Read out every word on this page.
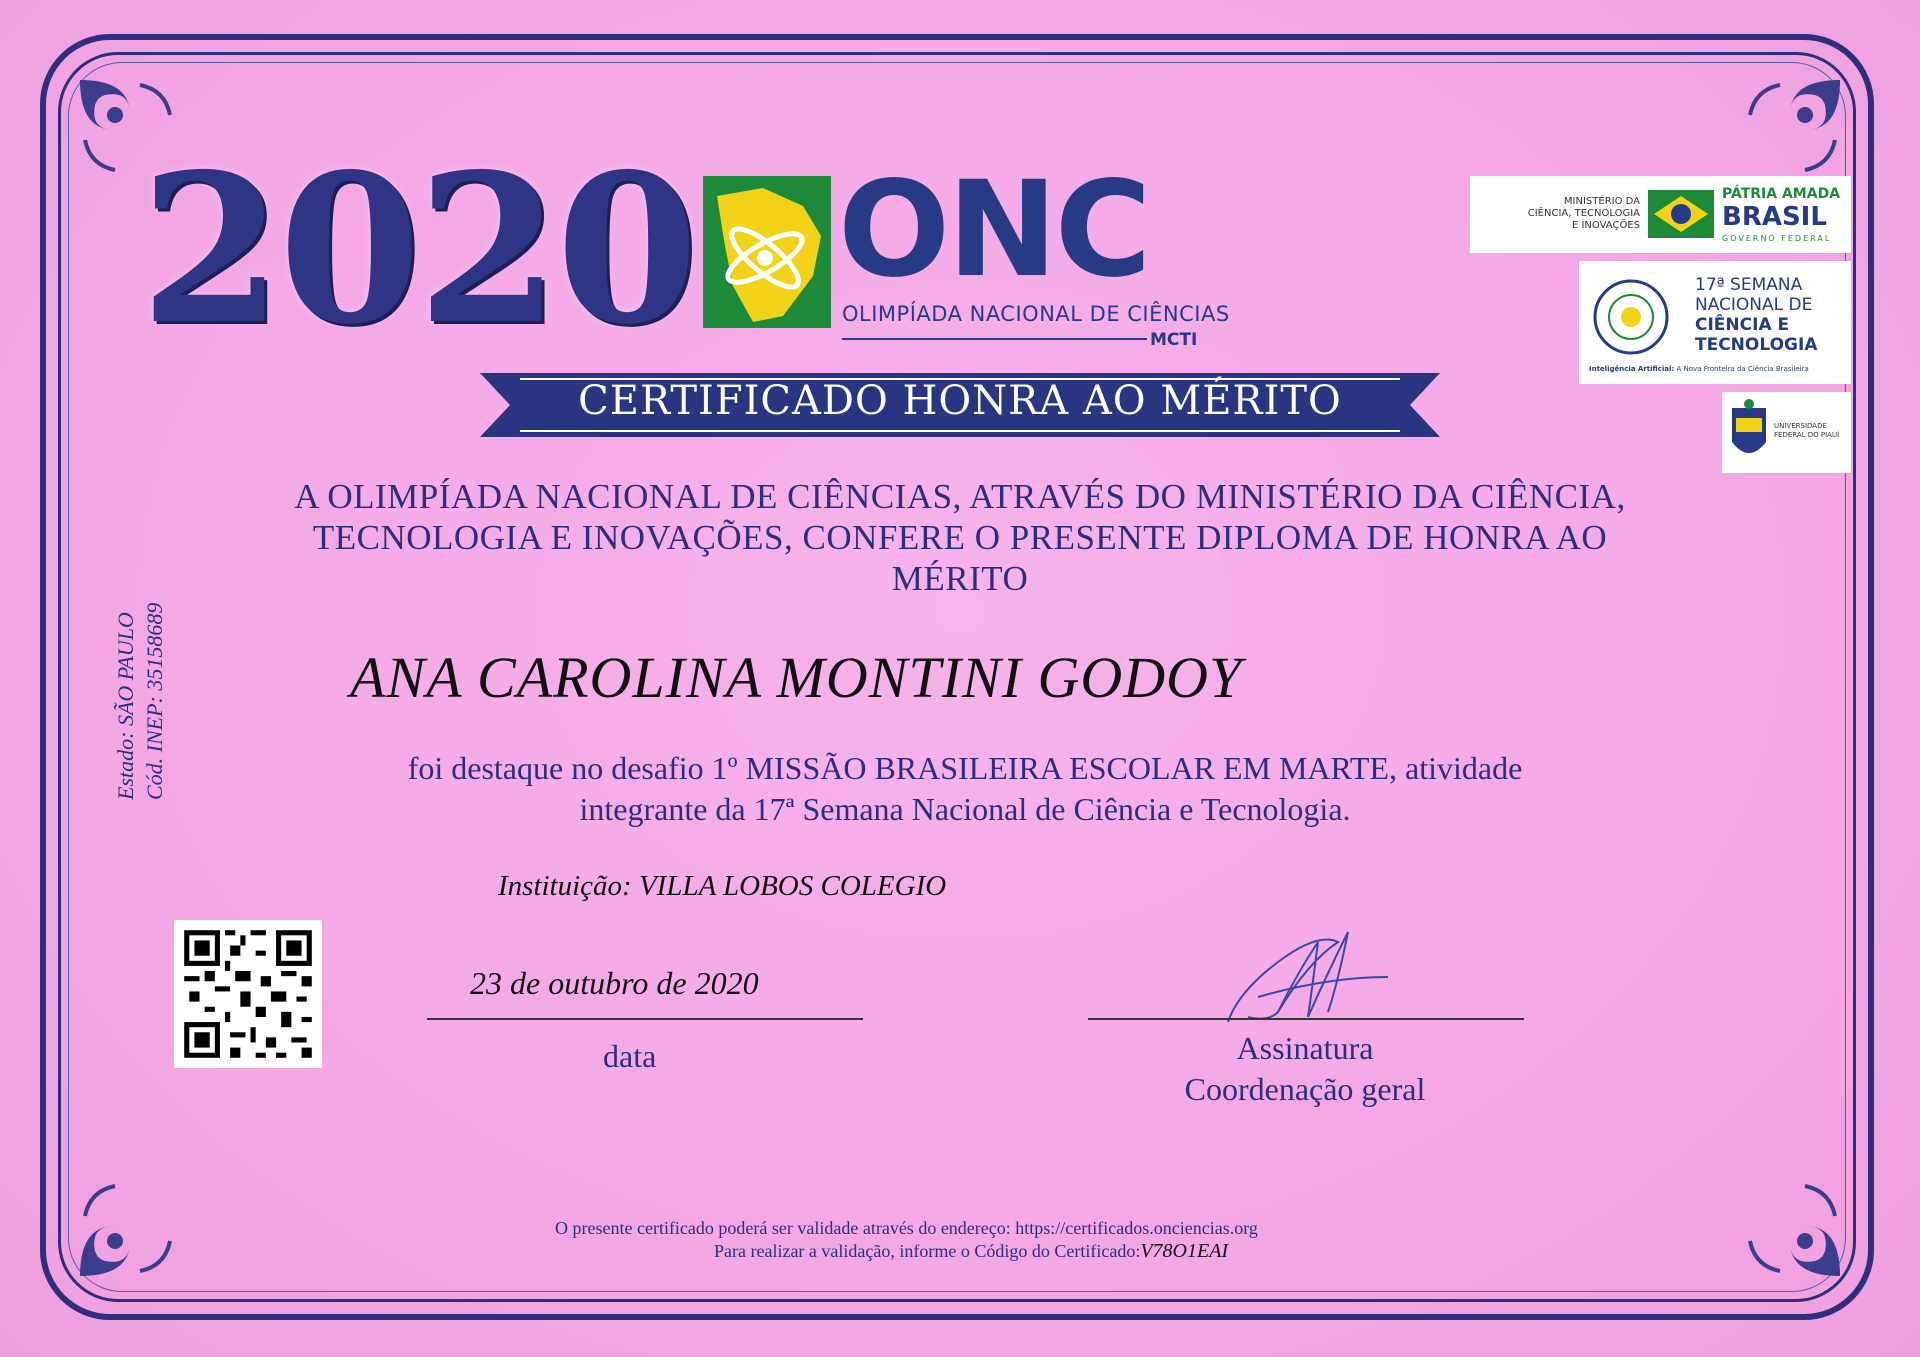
2020 ONC
OLIMPÍADA NACIONAL DE CIÊNCIAS
MCTI
CERTIFICADO HONRA AO MÉRITO
A OLIMPÍADA NACIONAL DE CIÊNCIAS, ATRAVÉS DO MINISTÉRIO DA CIÊNCIA,
TECNOLOGIA E INOVAÇÕES, CONFERE O PRESENTE DIPLOMA DE HONRA AO
MÉRITO
ANA CAROLINA MONTINI GODOY
foi destaque no desafio 1º MISSÃO BRASILEIRA ESCOLAR EM MARTE, atividade
integrante da 17ª Semana Nacional de Ciência e Tecnologia.
Instituição: VILLA LOBOS COLEGIO
Estado: SÃO PAULO Cód. INEP: 35158689
23 de outubro de 2020
data	Assinatura
Coordenação geral
O presente certificado poderá ser validade através do endereço: https://certificados.onciencias.org
Para realizar a validação, informe o Código do Certificado:V78O1EAI
MINISTÉRIO DA
CIÊNCIA, TECNOLOGIA
E INOVAÇÕES
PÁTRIA AMADA
BRASIL
GOVERNO FEDERAL
17ª SEMANA
NACIONAL DE
CIÊNCIA E
TECNOLOGIA
Inteligência Artificial: A Nova Fronteira da Ciência Brasileira
UNIVERSIDADE
FEDERAL DO PIAUÍ
